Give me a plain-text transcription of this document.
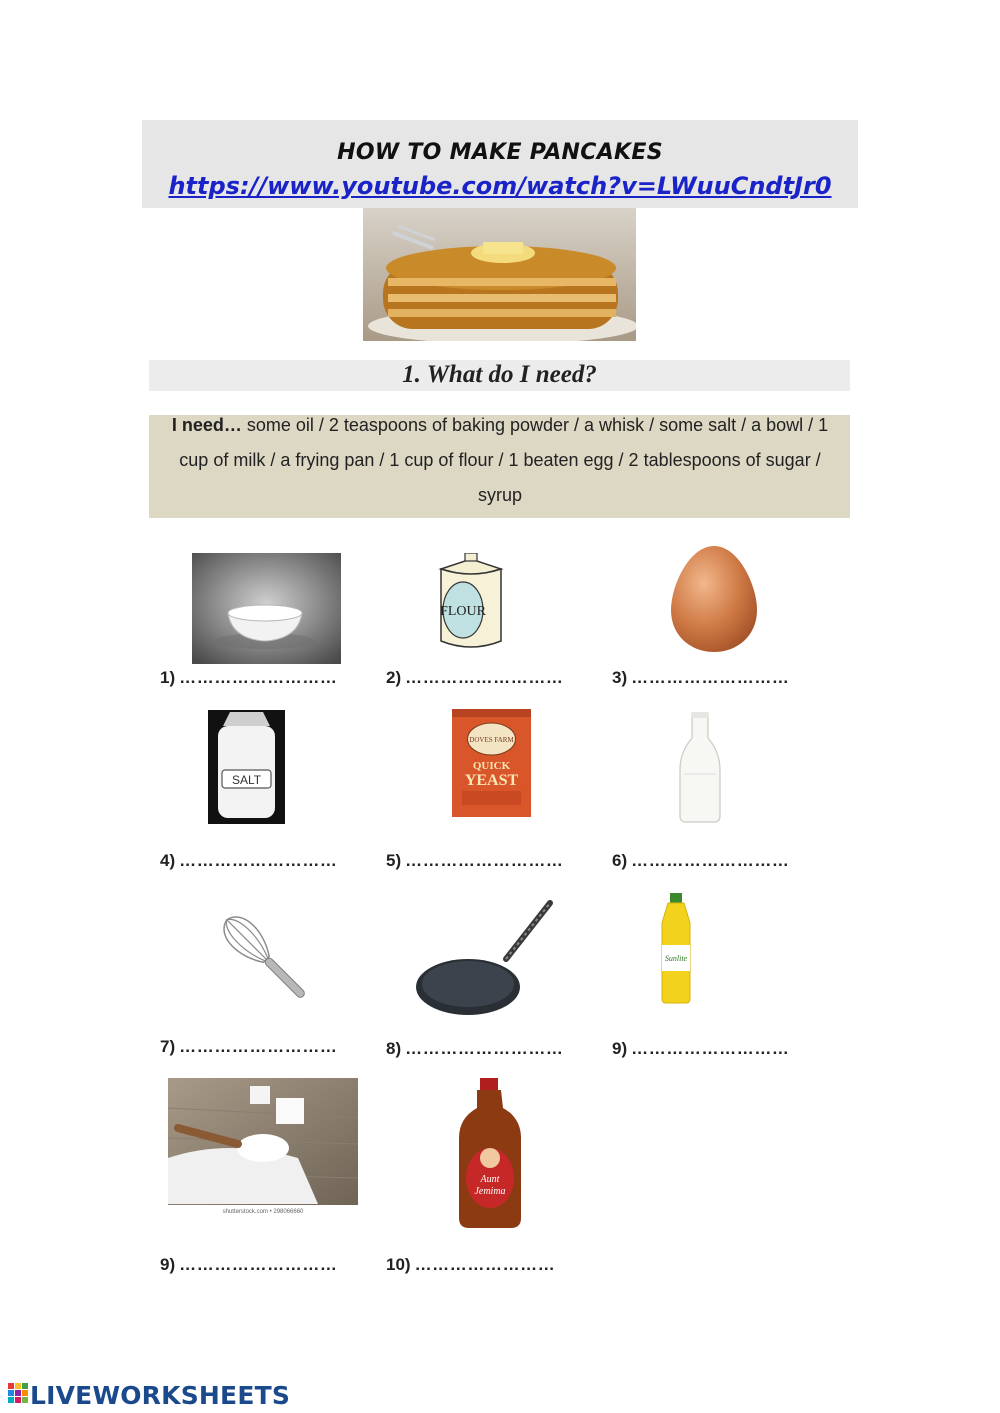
HOW TO MAKE PANCAKES
https://www.youtube.com/watch?v=LWuuCndtJr0
1. What do I need?
I need… some oil / 2 teaspoons of baking powder / a whisk / some salt / a bowl / 1 cup of milk / a frying pan / 1 cup of flour / 1 beaten egg / 2 tablespoons of sugar / syrup
FLOUR
SALT
DOVES FARM
QUICK
YEAST
Sunlite
shutterstock.com • 298066660
Aunt
Jemima
1) ………………………	2) ………………………	3) ………………………
4) ………………………	5) ………………………	6) ………………………
7) ………………………	8) ………………………	9) ………………………
9) ………………………	10) ……………………
LIVEWORKSHEETS
